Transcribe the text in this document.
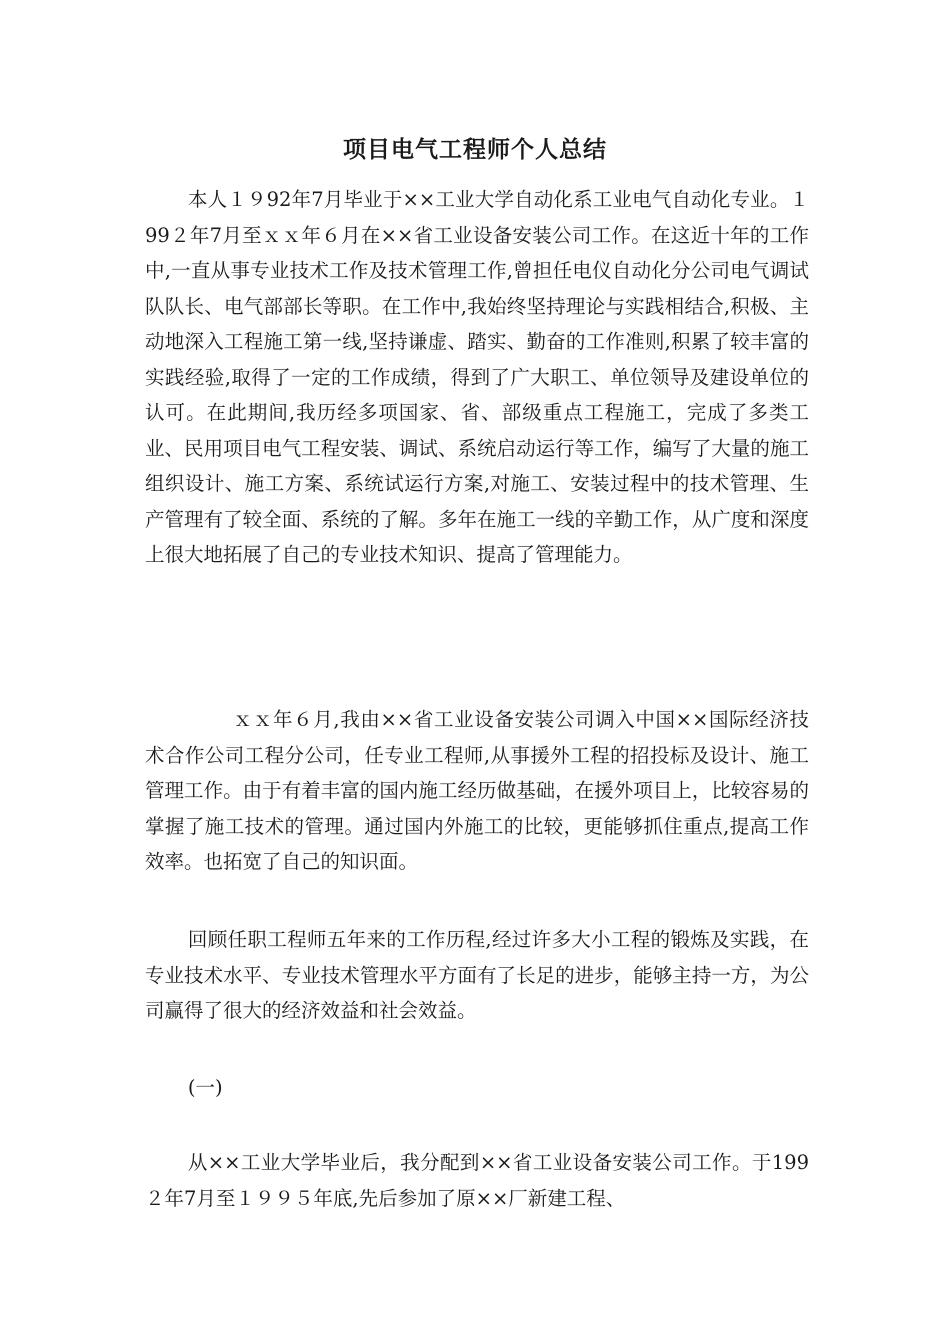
项目电气工程师个人总结

本人１９92年7月毕业于××工业大学自动化系工业电气自动化专业。１99２年7月至ｘｘ年６月在××省工业设备安装公司工作。在这近十年的工作中,一直从事专业技术工作及技术管理工作,曾担任电仪自动化分公司电气调试队队长、电气部部长等职。在工作中,我始终坚持理论与实践相结合,积极、主动地深入工程施工第一线,坚持谦虚、踏实、勤奋的工作准则,积累了较丰富的实践经验,取得了一定的工作成绩，得到了广大职工、单位领导及建设单位的认可。在此期间,我历经多项国家、省、部级重点工程施工，完成了多类工业、民用项目电气工程安装、调试、系统启动运行等工作，编写了大量的施工组织设计、施工方案、系统试运行方案,对施工、安装过程中的技术管理、生产管理有了较全面、系统的了解。多年在施工一线的辛勤工作，从广度和深度上很大地拓展了自己的专业技术知识、提高了管理能力。

ｘｘ年６月,我由××省工业设备安装公司调入中国××国际经济技术合作公司工程分公司，任专业工程师,从事援外工程的招投标及设计、施工管理工作。由于有着丰富的国内施工经历做基础，在援外项目上，比较容易的掌握了施工技术的管理。通过国内外施工的比较，更能够抓住重点,提高工作效率。也拓宽了自己的知识面。

回顾任职工程师五年来的工作历程,经过许多大小工程的锻炼及实践，在专业技术水平、专业技术管理水平方面有了长足的进步，能够主持一方，为公司赢得了很大的经济效益和社会效益。

(一)

从××工业大学毕业后，我分配到××省工业设备安装公司工作。于199２年7月至１９９５年底,先后参加了原××厂新建工程、
